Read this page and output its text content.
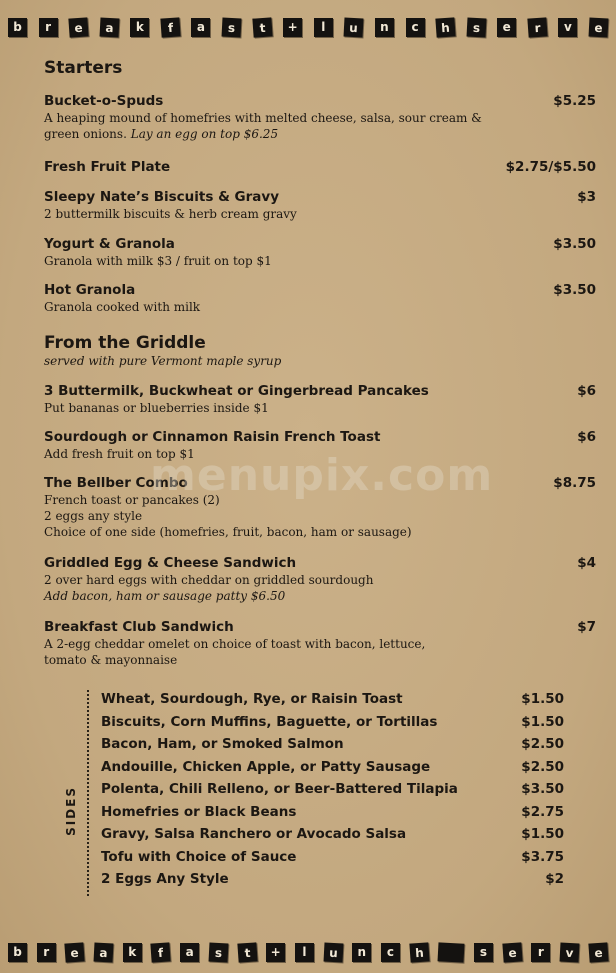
b	r	e	a	k	f	a	s	t	+	l	u	n	c	h	s	e	r	v	e
Starters
Bucket-o-Spuds	$5.25
A heaping mound of homefries with melted cheese, salsa, sour cream & green onions. Lay an egg on top $6.25
Fresh Fruit Plate	$2.75/$5.50
Sleepy Nate’s Biscuits & Gravy	$3
2 buttermilk biscuits & herb cream gravy
Yogurt & Granola	$3.50
Granola with milk $3 / fruit on top $1
Hot Granola	$3.50
Granola cooked with milk
From the Griddle
served with pure Vermont maple syrup
3 Buttermilk, Buckwheat or Gingerbread Pancakes	$6
Put bananas or blueberries inside $1
Sourdough or Cinnamon Raisin French Toast	$6
Add fresh fruit on top $1
The Bellber Combo	$8.75
French toast or pancakes (2)
2 eggs any style
Choice of one side (homefries, fruit, bacon, ham or sausage)
Griddled Egg & Cheese Sandwich	$4
2 over hard eggs with cheddar on griddled sourdough
Add bacon, ham or sausage patty $6.50
Breakfast Club Sandwich	$7
A 2-egg cheddar omelet on choice of toast with bacon, lettuce, tomato & mayonnaise
SIDES
Wheat, Sourdough, Rye, or Raisin Toast	$1.50
Biscuits, Corn Muffins, Baguette, or Tortillas	$1.50
Bacon, Ham, or Smoked Salmon	$2.50
Andouille, Chicken Apple, or Patty Sausage	$2.50
Polenta, Chili Relleno, or Beer-Battered Tilapia	$3.50
Homefries or Black Beans	$2.75
Gravy, Salsa Ranchero or Avocado Salsa	$1.50
Tofu with Choice of Sauce	$3.75
2 Eggs Any Style	$2
menupix.com
b	r	e	a	k	f	a	s	t	+	l	u	n	c	h	s	e	r	v	e
